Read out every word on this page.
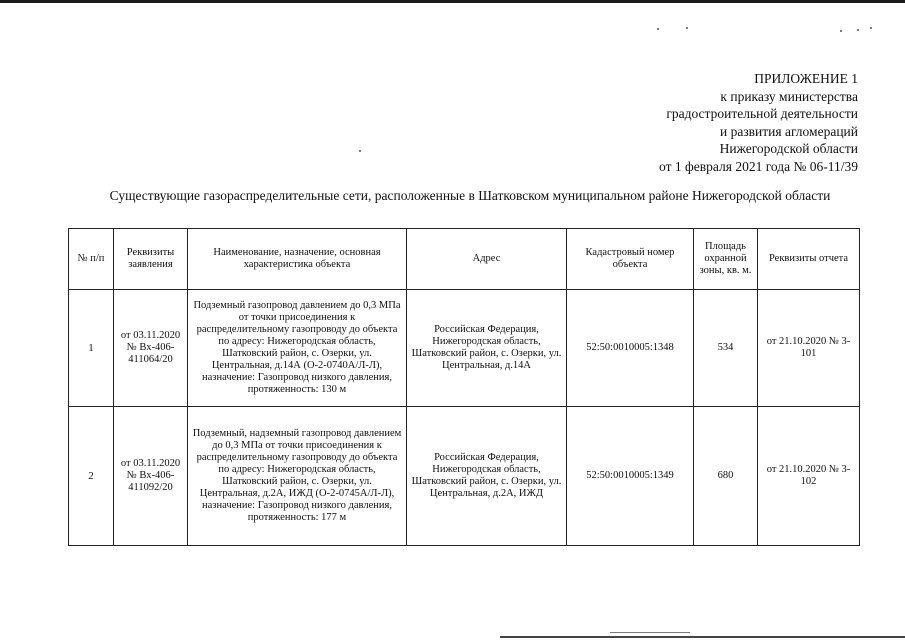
ПРИЛОЖЕНИЕ 1
к приказу министерства
градостроительной деятельности
и развития агломераций
Нижегородской области
от 1 февраля 2021 года № 06-11/39
Существующие газораспределительные сети, расположенные в Шатковском муниципальном районе Нижегородской области
№ п/п	Реквизиты заявления	Наименование, назначение, основная характеристика объекта	Адрес	Кадастровый номер объекта	Площадь охранной зоны, кв. м.	Реквизиты отчета
1	от 03.11.2020 № Вх-406-411064/20	Подземный газопровод давлением до 0,3 МПа от точки присоединения к распределительному газопроводу до объекта по адресу: Нижегородская область, Шатковский район, с. Озерки, ул. Центральная, д.14А (О-2-0740А/Л-Л), назначение: Газопровод низкого давления, протяженность: 130 м	Российская Федерация, Нижегородская область, Шатковский район, с. Озерки, ул. Центральная, д.14А	52:50:0010005:1348	534	от 21.10.2020 № 3-101
2	от 03.11.2020 № Вх-406-411092/20	Подземный, надземный газопровод давлением до 0,3 МПа от точки присоединения к распределительному газопроводу до объекта по адресу: Нижегородская область, Шатковский район, с. Озерки, ул. Центральная, д.2А, ИЖД (О-2-0745А/Л-Л), назначение: Газопровод низкого давления, протяженность: 177 м	Российская Федерация, Нижегородская область, Шатковский район, с. Озерки, ул. Центральная, д.2А, ИЖД	52:50:0010005:1349	680	от 21.10.2020 № 3-102
